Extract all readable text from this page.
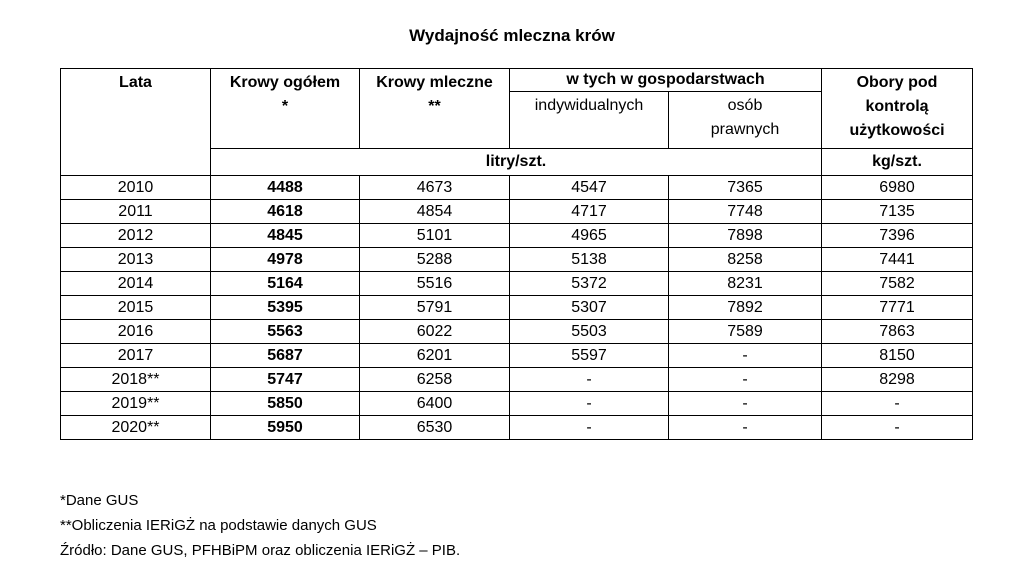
Wydajność mleczna krów
Lata	Krowy ogółem *	Krowy mleczne **	w tych w gospodarstwach		Obory pod kontrolą użytkowości
			indywidualnych	osób prawnych	
	litry/szt.				kg/szt.
2010	4488	4673	4547	7365	6980
2011	4618	4854	4717	7748	7135
2012	4845	5101	4965	7898	7396
2013	4978	5288	5138	8258	7441
2014	5164	5516	5372	8231	7582
2015	5395	5791	5307	7892	7771
2016	5563	6022	5503	7589	7863
2017	5687	6201	5597	-	8150
2018**	5747	6258	-	-	8298
2019**	5850	6400	-	-	-
2020**	5950	6530	-	-	-
*Dane GUS
**Obliczenia IERiGŻ na podstawie danych GUS
Źródło: Dane GUS, PFHBiPM oraz obliczenia IERiGŻ – PIB.
